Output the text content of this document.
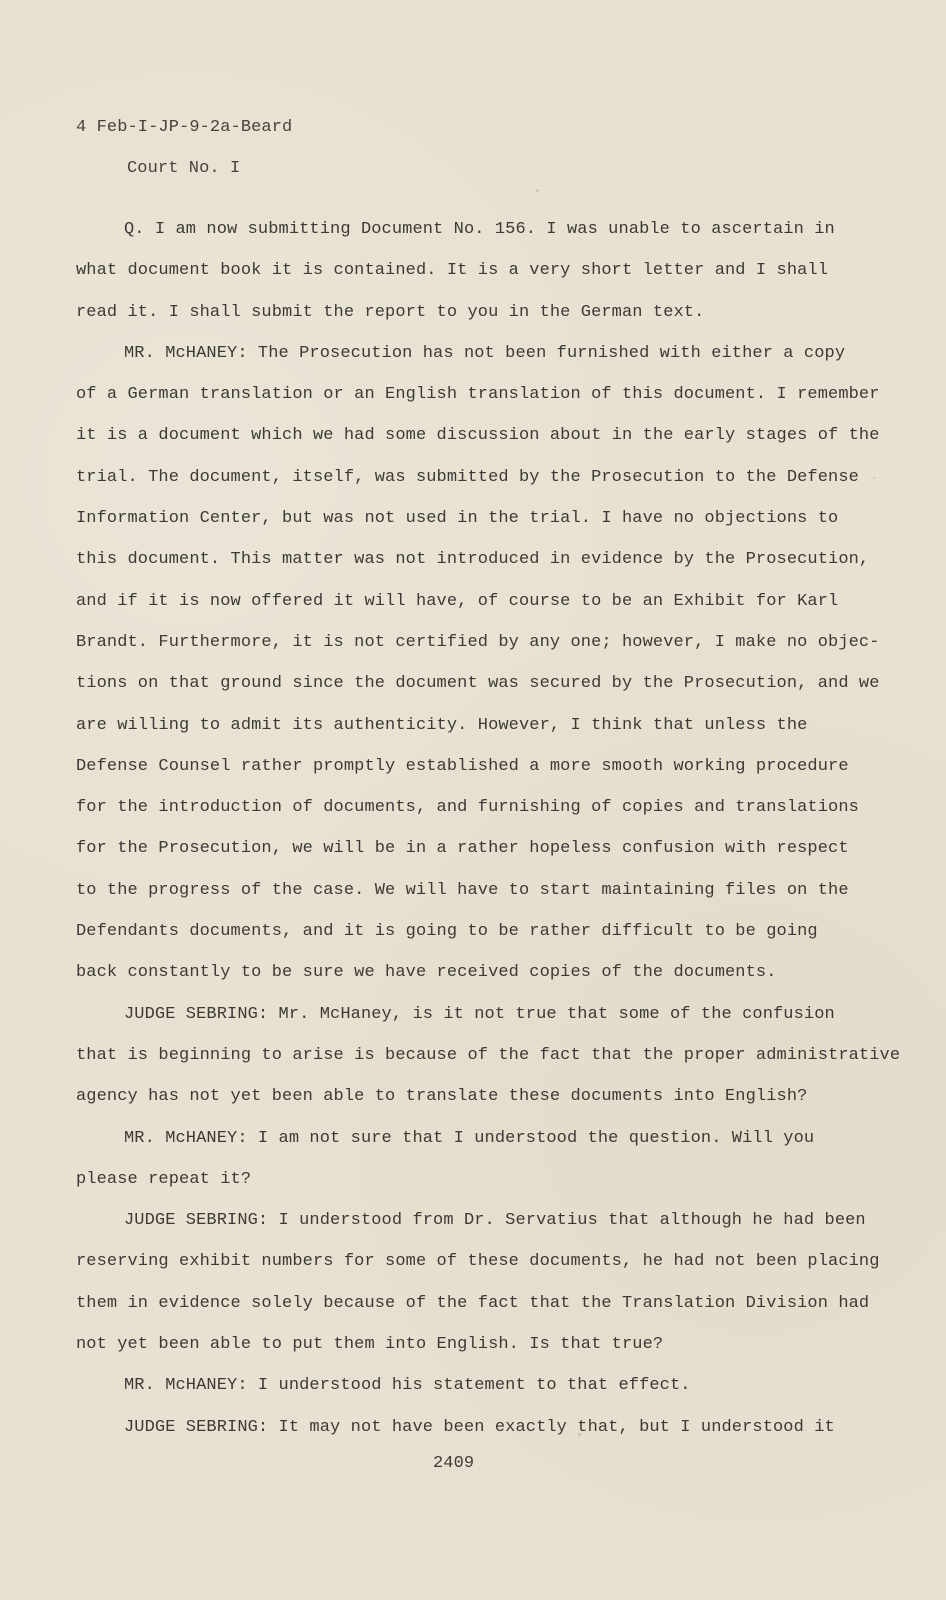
4 Feb-I-JP-9-2a-Beard
Court No. I
Q. I am now submitting Document No. 156. I was unable to ascertain in
what document book it is contained. It is a very short letter and I shall
read it. I shall submit the report to you in the German text.
MR. McHANEY: The Prosecution has not been furnished with either a copy
of a German translation or an English translation of this document. I remember
it is a document which we had some discussion about in the early stages of the
trial. The document, itself, was submitted by the Prosecution to the Defense
Information Center, but was not used in the trial. I have no objections to
this document. This matter was not introduced in evidence by the Prosecution,
and if it is now offered it will have, of course to be an Exhibit for Karl
Brandt. Furthermore, it is not certified by any one; however, I make no objec-
tions on that ground since the document was secured by the Prosecution, and we
are willing to admit its authenticity. However, I think that unless the
Defense Counsel rather promptly established a more smooth working procedure
for the introduction of documents, and furnishing of copies and translations
for the Prosecution, we will be in a rather hopeless confusion with respect
to the progress of the case. We will have to start maintaining files on the
Defendants documents, and it is going to be rather difficult to be going
back constantly to be sure we have received copies of the documents.
JUDGE SEBRING: Mr. McHaney, is it not true that some of the confusion
that is beginning to arise is because of the fact that the proper administrative
agency has not yet been able to translate these documents into English?
MR. McHANEY: I am not sure that I understood the question. Will you
please repeat it?
JUDGE SEBRING: I understood from Dr. Servatius that although he had been
reserving exhibit numbers for some of these documents, he had not been placing
them in evidence solely because of the fact that the Translation Division had
not yet been able to put them into English. Is that true?
MR. McHANEY: I understood his statement to that effect.
JUDGE SEBRING: It may not have been exactly that, but I understood it
2409
